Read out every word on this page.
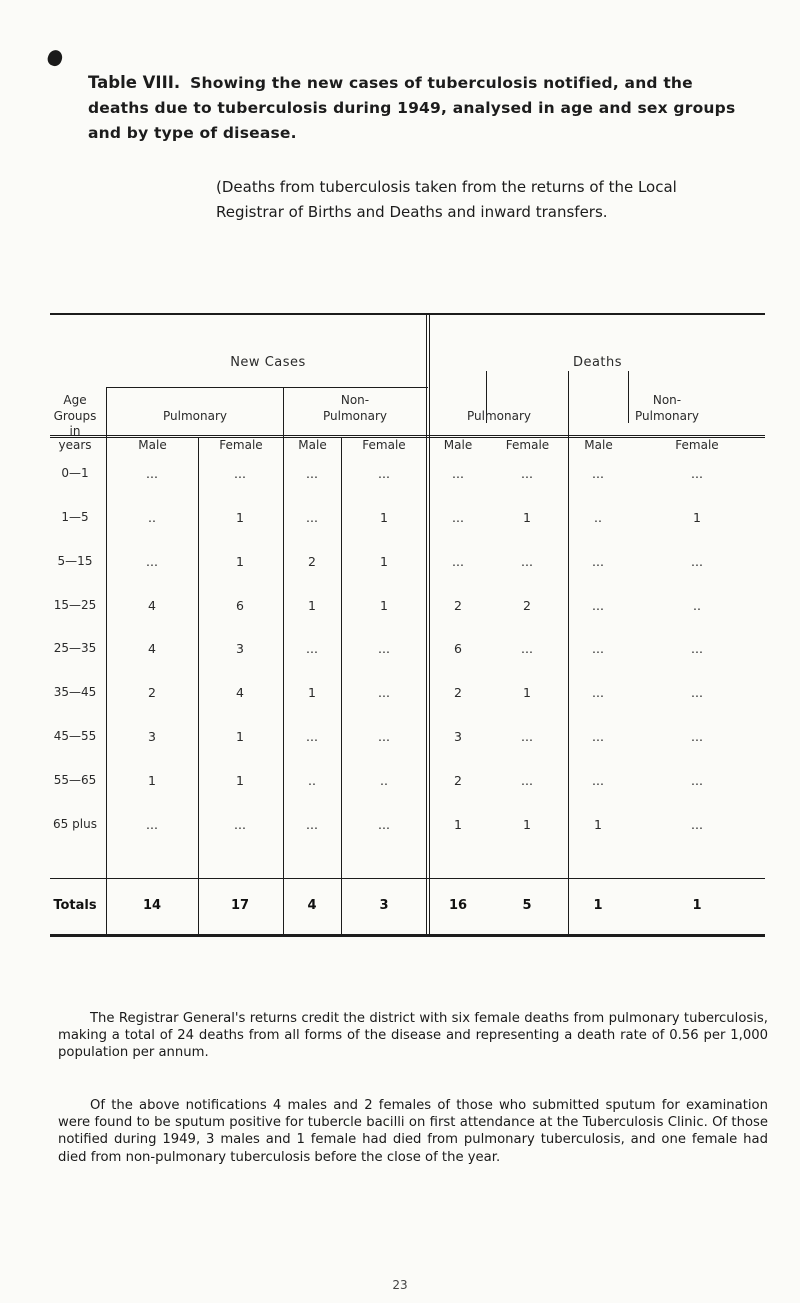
Table VIII. Showing the new cases of tuberculosis notified, and the deaths due to tuberculosis during 1949, analysed in age and sex groups and by type of disease.
(Deaths from tuberculosis taken from the returns of the Local Registrar of Births and Deaths and inward transfers.
New Cases	Deaths
Age
Groups
in
years
Pulmonary
Non-
Pulmonary	Pulmonary
Non-
Pulmonary
Male	Female	Male	Female	Male	Female	Male	Female
0—1	...	...	...	...	...	...	...	...
1—5	..	1	...	1	...	1	..	1
5—15	...	1	2	1	...	...	...	...
15—25	4	6	1	1	2	2	...	..
25—35	4	3	...	...	6	...	...	...
35—45	2	4	1	...	2	1	...	...
45—55	3	1	...	...	3	...	...	...
55—65	1	1	..	..	2	...	...	...
65 plus	...	...	...	...	1	1	1	...
Totals	14	17	4	3	16	5	1	1
The Registrar General's returns credit the district with six female deaths from pulmonary tuberculosis, making a total of 24 deaths from all forms of the disease and representing a death rate of 0.56 per 1,000 population per annum.
Of the above notifications 4 males and 2 females of those who submitted sputum for examination were found to be sputum positive for tubercle bacilli on first attendance at the Tuberculosis Clinic. Of those notified during 1949, 3 males and 1 female had died from pulmonary tuberculosis, and one female had died from non-pulmonary tuberculosis before the close of the year.
23
